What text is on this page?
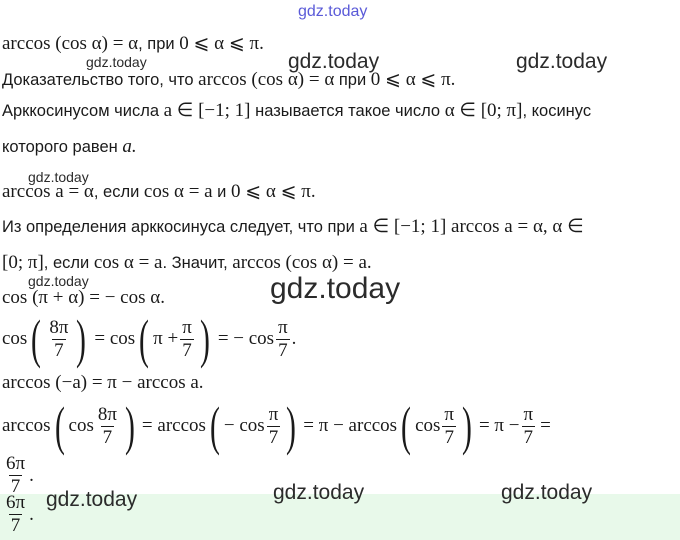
gdz.today
gdz.today	gdz.today	gdz.today
gdz.today
gdz.today	gdz.today
gdz.today	gdz.today	gdz.today
arccos (cos α) = α, при 0 ⩽ α ⩽ π.
Доказательство того, что arccos (cos α) = α при 0 ⩽ α ⩽ π.
Арккосинусом числа a ∈ [−1; 1] называется такое число α ∈ [0; π], косинус
которого равен a.
arccos a = α, если cos α = a и 0 ⩽ α ⩽ π.
Из определения арккосинуса следует, что при a ∈ [−1; 1] arccos a = α, α ∈
[0; π], если cos α = a. Значит, arccos (cos α) = a.
cos (π + α) = − cos α.
cos ( $\frac{8\pi}{7}$ ) = cos ( $\pi + \frac{\pi}{7}$ ) = − $\cos \frac{\pi}{7}$ .
arccos (−a) = π − arccos a.
arccos ( $\cos \frac{8\pi}{7}$ ) = arccos ( − $\cos \frac{\pi}{7}$ ) = π − arccos ( $\cos \frac{\pi}{7}$ ) = $\pi - \frac{\pi}{7}$ =
$\frac{6\pi}{7}$ .
$\frac{6\pi}{7}$ .
